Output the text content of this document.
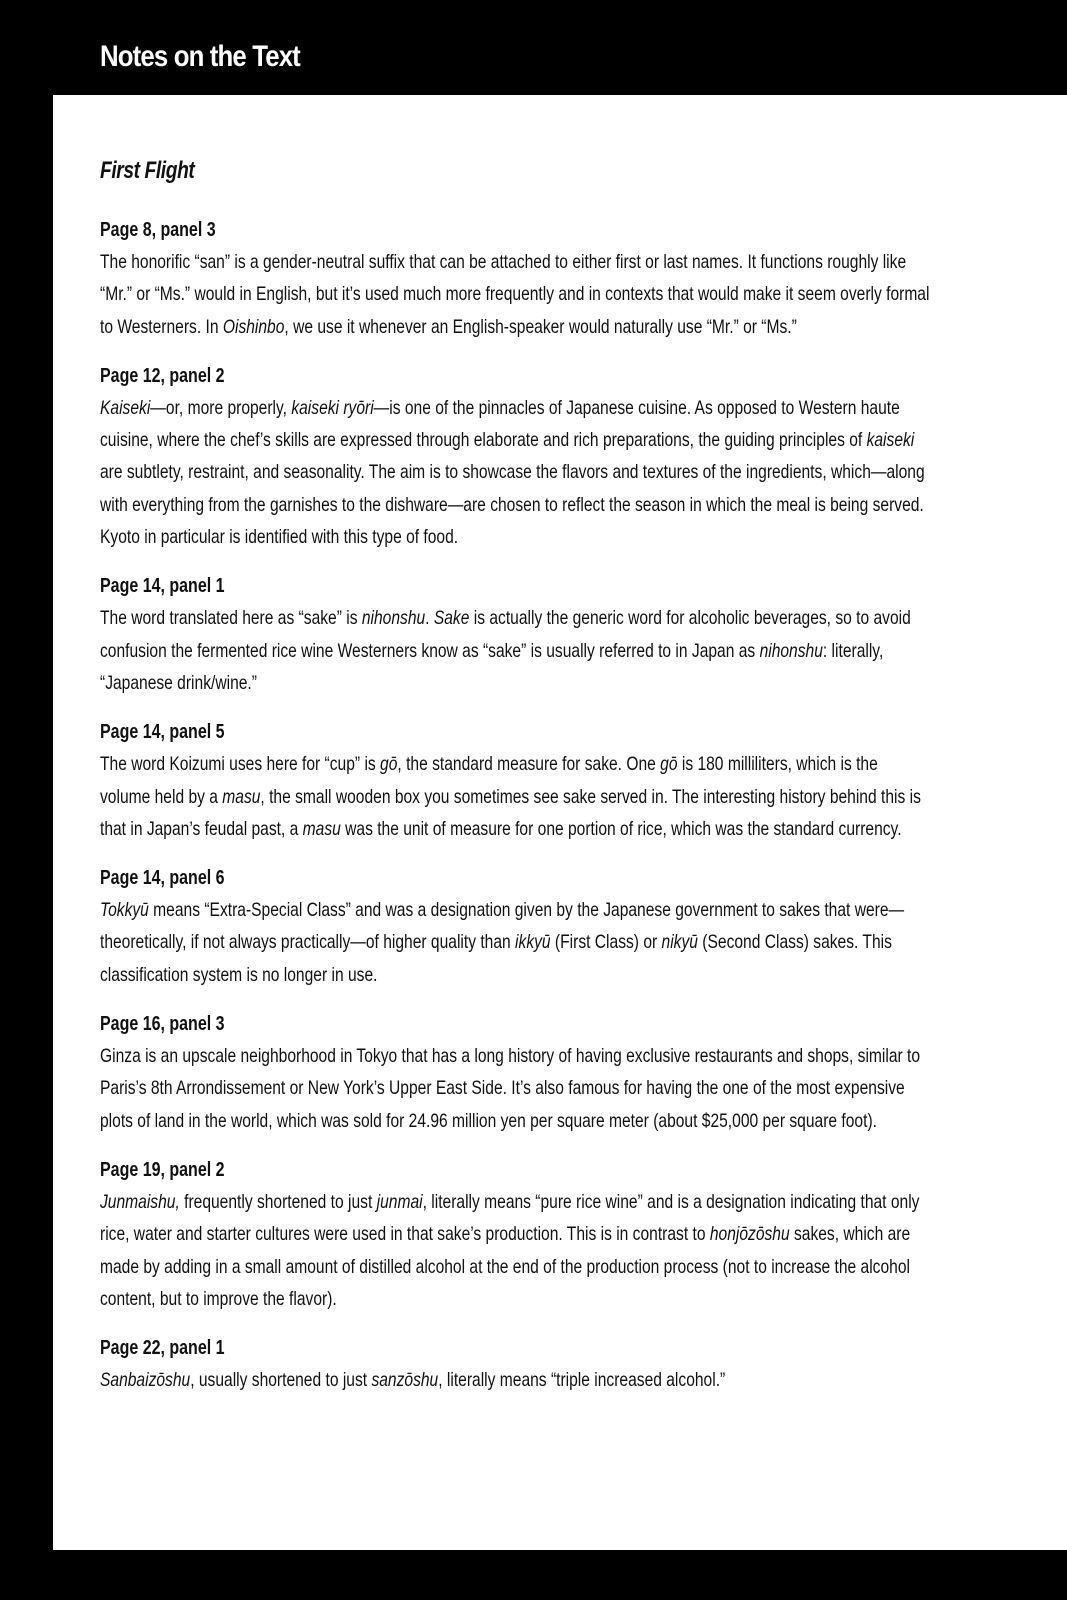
Notes on the Text
First Flight
Page 8, panel 3

The honorific “san” is a gender-neutral suffix that can be attached to either first or last names. It functions roughly like “Mr.” or “Ms.” would in English, but it’s used much more frequently and in contexts that would make it seem overly formal to Westerners. In Oishinbo, we use it whenever an English-speaker would naturally use “Mr.” or “Ms.”

Page 12, panel 2

Kaiseki—or, more properly, kaiseki ryōri—is one of the pinnacles of Japanese cuisine. As opposed to Western haute cuisine, where the chef’s skills are expressed through elaborate and rich preparations, the guiding principles of kaiseki are subtlety, restraint, and seasonality. The aim is to showcase the flavors and textures of the ingredients, which—along with everything from the garnishes to the dishware—are chosen to reflect the season in which the meal is being served. Kyoto in particular is identified with this type of food.

Page 14, panel 1

The word translated here as “sake” is nihonshu. Sake is actually the generic word for alcoholic beverages, so to avoid confusion the fermented rice wine Westerners know as “sake” is usually referred to in Japan as nihonshu: literally, “Japanese drink/wine.”

Page 14, panel 5

The word Koizumi uses here for “cup” is gō, the standard measure for sake. One gō is 180 milliliters, which is the volume held by a masu, the small wooden box you sometimes see sake served in. The interesting history behind this is that in Japan’s feudal past, a masu was the unit of measure for one portion of rice, which was the standard currency.

Page 14, panel 6

Tokkyū means “Extra-Special Class” and was a designation given by the Japanese government to sakes that were—theoretically, if not always practically—of higher quality than ikkyū (First Class) or nikyū (Second Class) sakes. This classification system is no longer in use.

Page 16, panel 3

Ginza is an upscale neighborhood in Tokyo that has a long history of having exclusive restaurants and shops, similar to Paris’s 8th Arrondissement or New York’s Upper East Side. It’s also famous for having the one of the most expensive plots of land in the world, which was sold for 24.96 million yen per square meter (about $25,000 per square foot).

Page 19, panel 2

Junmaishu, frequently shortened to just junmai, literally means “pure rice wine” and is a designation indicating that only rice, water and starter cultures were used in that sake’s production. This is in contrast to honjōzōshu sakes, which are made by adding in a small amount of distilled alcohol at the end of the production process (not to increase the alcohol content, but to improve the flavor).

Page 22, panel 1

Sanbaizōshu, usually shortened to just sanzōshu, literally means “triple increased alcohol.”
